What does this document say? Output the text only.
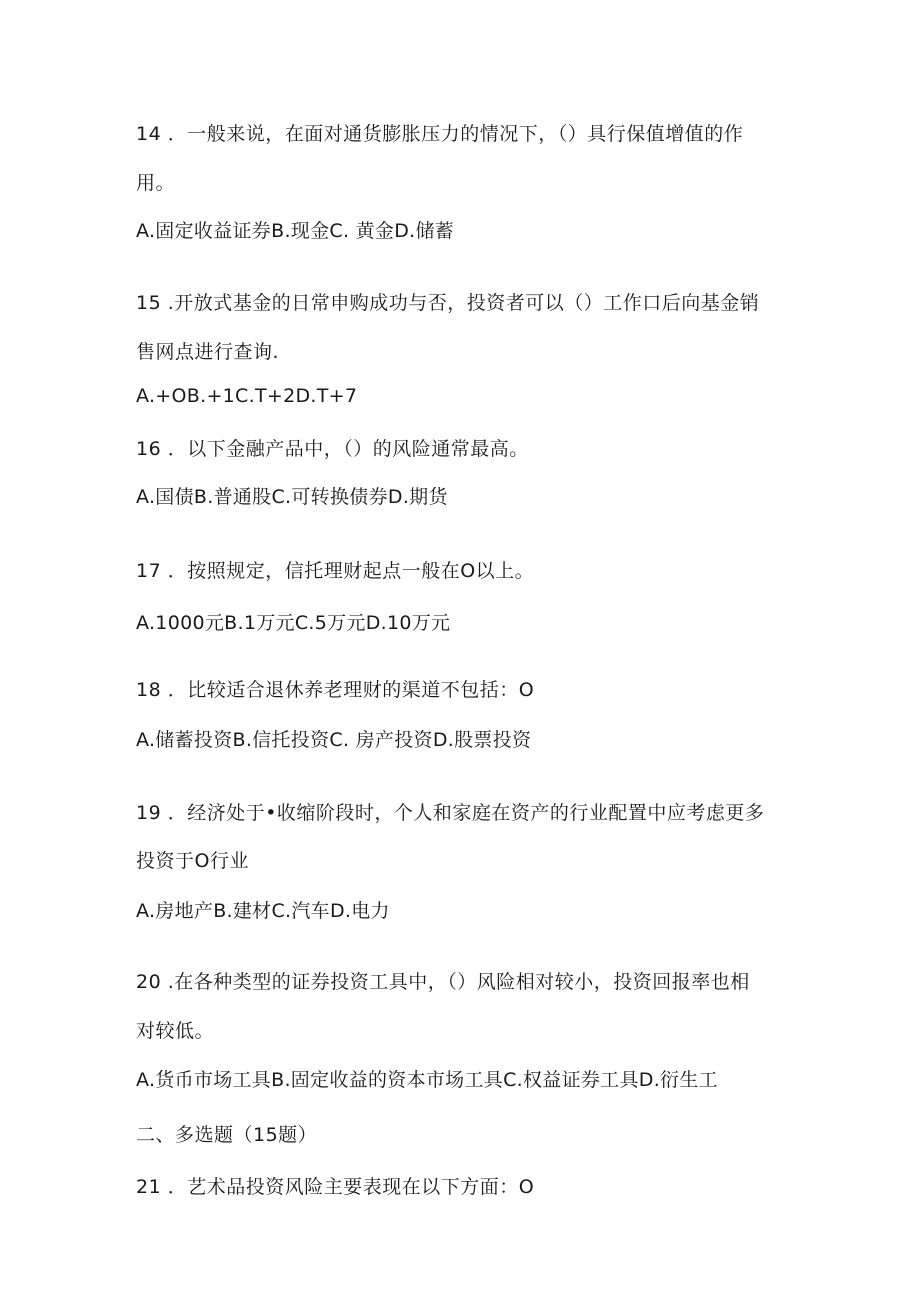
14 ．一般来说，在面对通货膨胀压力的情况下，（）具行保值增值的作
用。
A.固定收益证券B.现金C. 黄金D.储蓄
15 .开放式基金的日常申购成功与否，投资者可以（）工作口后向基金销
售网点进行查询.
A.+OB.+1C.T+2D.T+7
16 ．以下金融产品中，（）的风险通常最高。
A.国债B.普通股C.可转换债券D.期货
17 ．按照规定，信托理财起点一般在O以上。
A.1000元B.1万元C.5万元D.10万元
18 ．比较适合退休养老理财的渠道不包括：O
A.储蓄投资B.信托投资C. 房产投资D.股票投资
19 ．经济处于•收缩阶段时，个人和家庭在资产的行业配置中应考虑更多
投资于O行业
A.房地产B.建材C.汽车D.电力
20 .在各种类型的证券投资工具中，（）风险相对较小，投资回报率也相
对较低。
A.货币市场工具B.固定收益的资本市场工具C.权益证券工具D.衍生工
二、多选题（15题）
21 ．艺术品投资风险主要表现在以下方面：O
